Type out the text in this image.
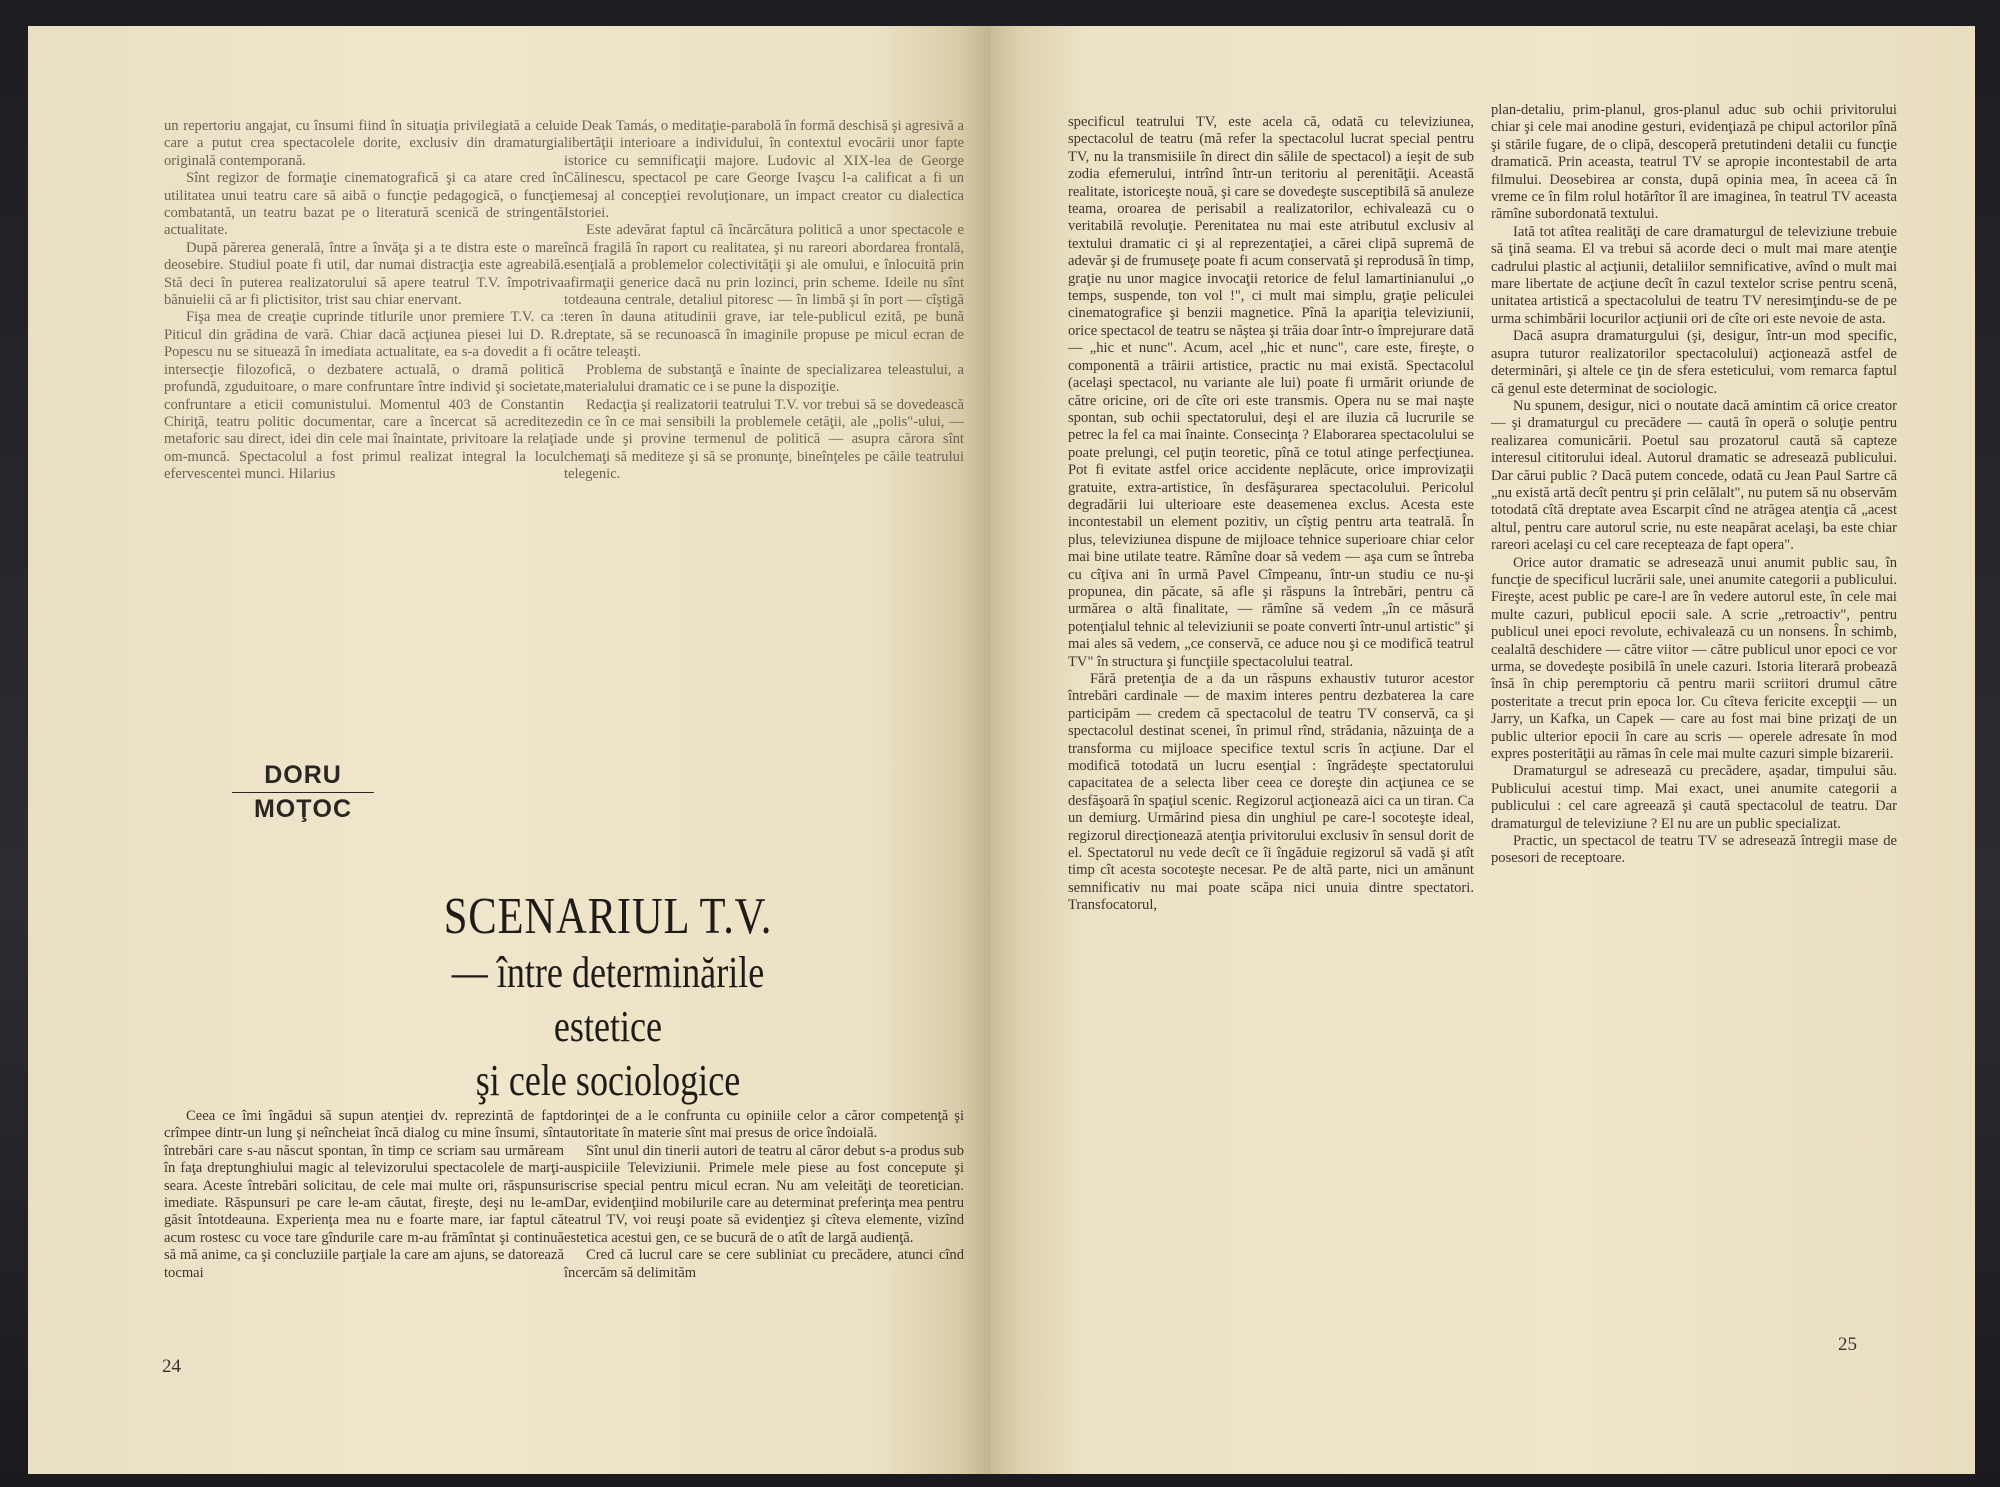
un repertoriu angajat, cu însumi fiind în situaţia privilegiată a celui care a putut crea spectacolele dorite, exclusiv din dramaturgia originală contemporană.

Sînt regizor de formaţie cinematografică şi ca atare cred în utilitatea unui teatru care să aibă o funcţie pedagogică, o funcţie combatantă, un teatru bazat pe o literatură scenică de stringentă actualitate.

După părerea generală, între a învăţa şi a te distra este o mare deosebire. Studiul poate fi util, dar numai distracţia este agreabilă. Stă deci în puterea realizatorului să apere teatrul T.V. împotriva bănuielii că ar fi plictisitor, trist sau chiar enervant.

Fişa mea de creaţie cuprinde titlurile unor premiere T.V. ca : Piticul din grădina de vară. Chiar dacă acţiunea piesei lui D. R. Popescu nu se situează în imediata actualitate, ea s-a dovedit a fi o intersecţie filozofică, o dezbatere actuală, o dramă politică profundă, zguduitoare, o mare confruntare între individ şi societate, confruntare a eticii comunistului. Momentul 403 de Constantin Chiriţă, teatru politic documentar, care a încercat să acrediteze metaforic sau direct, idei din cele mai înaintate, privitoare la relaţia om-muncă. Spectacolul a fost primul realizat integral la locul efervescentei munci. Hilarius

de Deak Tamás, o meditaţie-parabolă în formă deschisă şi agresivă a libertăţii interioare a individului, în contextul evocării unor fapte istorice cu semnificaţii majore. Ludovic al XIX-lea de George Călinescu, spectacol pe care George Ivaşcu l-a calificat a fi un mesaj al concepţiei revoluţionare, un impact creator cu dialectica Istoriei.

Este adevărat faptul că încărcătura politică a unor spectacole e încă fragilă în raport cu realitatea, şi nu rareori abordarea frontală, esenţială a problemelor colectivităţii şi ale omului, e înlocuită prin afirmaţii generice dacă nu prin lozinci, prin scheme. Ideile nu sînt totdeauna centrale, detaliul pitoresc — în limbă şi în port — cîştigă teren în dauna atitudinii grave, iar tele-publicul ezită, pe bună dreptate, să se recunoască în imaginile propuse pe micul ecran de către teleaşti.

Problema de substanţă e înainte de specializarea teleastului, a materialului dramatic ce i se pune la dispoziţie.

Redacţia şi realizatorii teatrului T.V. vor trebui să se dovedească din ce în ce mai sensibili la problemele cetăţii, ale „polis"-ului, — de unde şi provine termenul de politică — asupra cărora sînt chemaţi să mediteze şi să se pronunţe, bineînţeles pe căile teatrului telegenic.

DORU
MOŢOC
SCENARIUL T.V.
— între determinările estetice
şi cele sociologice

Ceea ce îmi îngădui să supun atenţiei dv. reprezintă de fapt crîmpee dintr-un lung şi neîncheiat încă dialog cu mine însumi, sînt întrebări care s-au născut spontan, în timp ce scriam sau urmăream în faţa dreptunghiului magic al televizorului spectacolele de marţi-seara. Aceste întrebări solicitau, de cele mai multe ori, răspunsuri imediate. Răspunsuri pe care le-am căutat, fireşte, deşi nu le-am găsit întotdeauna. Experienţa mea nu e foarte mare, iar faptul că acum rostesc cu voce tare gîndurile care m-au frămîntat şi continuă să mă anime, ca şi concluziile parţiale la care am ajuns, se datorează tocmai

dorinţei de a le confrunta cu opiniile celor a căror competenţă şi autoritate în materie sînt mai presus de orice îndoială.

Sînt unul din tinerii autori de teatru al căror debut s-a produs sub auspiciile Televiziunii. Primele mele piese au fost concepute şi scrise special pentru micul ecran. Nu am veleităţi de teoretician. Dar, evidenţiind mobilurile care au determinat preferinţa mea pentru teatrul TV, voi reuşi poate să evidenţiez şi cîteva elemente, vizînd estetica acestui gen, ce se bucură de o atît de largă audienţă.

Cred că lucrul care se cere subliniat cu precădere, atunci cînd încercăm să delimităm

24

specificul teatrului TV, este acela că, odată cu televiziunea, spectacolul de teatru (mă refer la spectacolul lucrat special pentru TV, nu la transmisiile în direct din sălile de spectacol) a ieşit de sub zodia efemerului, intrînd într-un teritoriu al perenităţii. Această realitate, istoriceşte nouă, şi care se dovedeşte susceptibilă să anuleze teama, oroarea de perisabil a realizatorilor, echivalează cu o veritabilă revoluţie. Perenitatea nu mai este atributul exclusiv al textului dramatic ci şi al reprezentaţiei, a cărei clipă supremă de adevăr şi de frumuseţe poate fi acum conservată şi reprodusă în timp, graţie nu unor magice invocaţii retorice de felul lamartinianului „o temps, suspende, ton vol !", ci mult mai simplu, graţie peliculei cinematografice şi benzii magnetice. Pînă la apariţia televiziunii, orice spectacol de teatru se năştea şi trăia doar într-o împrejurare dată — „hic et nunc". Acum, acel „hic et nunc", care este, fireşte, o componentă a trăirii artistice, practic nu mai există. Spectacolul (acelaşi spectacol, nu variante ale lui) poate fi urmărit oriunde de către oricine, ori de cîte ori este transmis. Opera nu se mai naşte spontan, sub ochii spectatorului, deşi el are iluzia că lucrurile se petrec la fel ca mai înainte. Consecinţa ? Elaborarea spectacolului se poate prelungi, cel puţin teoretic, pînă ce totul atinge perfecţiunea. Pot fi evitate astfel orice accidente neplăcute, orice improvizaţii gratuite, extra-artistice, în desfăşurarea spectacolului. Pericolul degradării lui ulterioare este deasemenea exclus. Acesta este incontestabil un element pozitiv, un cîştig pentru arta teatrală. În plus, televiziunea dispune de mijloace tehnice superioare chiar celor mai bine utilate teatre. Rămîne doar să vedem — aşa cum se întreba cu cîţiva ani în urmă Pavel Cîmpeanu, într-un studiu ce nu-şi propunea, din păcate, să afle şi răspuns la întrebări, pentru că urmărea o altă finalitate, — rămîne să vedem „în ce măsură potenţialul tehnic al televiziunii se poate converti într-unul artistic" şi mai ales să vedem, „ce conservă, ce aduce nou şi ce modifică teatrul TV" în structura şi funcţiile spectacolului teatral.

Fără pretenţia de a da un răspuns exhaustiv tuturor acestor întrebări cardinale — de maxim interes pentru dezbaterea la care participăm — credem că spectacolul de teatru TV conservă, ca şi spectacolul destinat scenei, în primul rînd, strădania, năzuinţa de a transforma cu mijloace specifice textul scris în acţiune. Dar el modifică totodată un lucru esenţial : îngrădeşte spectatorului capacitatea de a selecta liber ceea ce doreşte din acţiunea ce se desfăşoară în spaţiul scenic. Regizorul acţionează aici ca un tiran. Ca un demiurg. Urmărind piesa din unghiul pe care-l socoteşte ideal, regizorul direcţionează atenţia privitorului exclusiv în sensul dorit de el. Spectatorul nu vede decît ce îi îngăduie regizorul să vadă şi atît timp cît acesta socoteşte necesar. Pe de altă parte, nici un amănunt semnificativ nu mai poate scăpa nici unuia dintre spectatori. Transfocatorul,

plan-detaliu, prim-planul, gros-planul aduc sub ochii privitorului chiar şi cele mai anodine gesturi, evidenţiază pe chipul actorilor pînă şi stările fugare, de o clipă, descoperă pretutindeni detalii cu funcţie dramatică. Prin aceasta, teatrul TV se apropie incontestabil de arta filmului. Deosebirea ar consta, după opinia mea, în aceea că în vreme ce în film rolul hotărîtor îl are imaginea, în teatrul TV aceasta rămîne subordonată textului.

Iată tot atîtea realităţi de care dramaturgul de televiziune trebuie să ţină seama. El va trebui să acorde deci o mult mai mare atenţie cadrului plastic al acţiunii, detaliilor semnificative, avînd o mult mai mare libertate de acţiune decît în cazul textelor scrise pentru scenă, unitatea artistică a spectacolului de teatru TV neresimţindu-se de pe urma schimbării locurilor acţiunii ori de cîte ori este nevoie de asta.

Dacă asupra dramaturgului (şi, desigur, într-un mod specific, asupra tuturor realizatorilor spectacolului) acţionează astfel de determinări, şi altele ce ţin de sfera esteticului, vom remarca faptul că genul este determinat de sociologic.

Nu spunem, desigur, nici o noutate dacă amintim că orice creator — şi dramaturgul cu precădere — caută în operă o soluţie pentru realizarea comunicării. Poetul sau prozatorul caută să capteze interesul cititorului ideal. Autorul dramatic se adresează publicului. Dar cărui public ? Dacă putem concede, odată cu Jean Paul Sartre că „nu există artă decît pentru şi prin celălalt", nu putem să nu observăm totodată cîtă dreptate avea Escarpit cînd ne atrăgea atenţia că „acest altul, pentru care autorul scrie, nu este neapărat acelaşi, ba este chiar rareori acelaşi cu cel care recepteaza de fapt opera".

Orice autor dramatic se adresează unui anumit public sau, în funcţie de specificul lucrării sale, unei anumite categorii a publicului. Fireşte, acest public pe care-l are în vedere autorul este, în cele mai multe cazuri, publicul epocii sale. A scrie „retroactiv", pentru publicul unei epoci revolute, echivalează cu un nonsens. În schimb, cealaltă deschidere — către viitor — către publicul unor epoci ce vor urma, se dovedeşte posibilă în unele cazuri. Istoria literară probează însă în chip peremptoriu că pentru marii scriitori drumul către posteritate a trecut prin epoca lor. Cu cîteva fericite excepţii — un Jarry, un Kafka, un Capek — care au fost mai bine prizaţi de un public ulterior epocii în care au scris — operele adresate în mod expres posterităţii au rămas în cele mai multe cazuri simple bizarerii.

Dramaturgul se adresează cu precădere, aşadar, timpului său. Publicului acestui timp. Mai exact, unei anumite categorii a publicului : cel care agreează şi caută spectacolul de teatru. Dar dramaturgul de televiziune ? El nu are un public specializat.

Practic, un spectacol de teatru TV se adresează întregii mase de posesori de receptoare.

25
